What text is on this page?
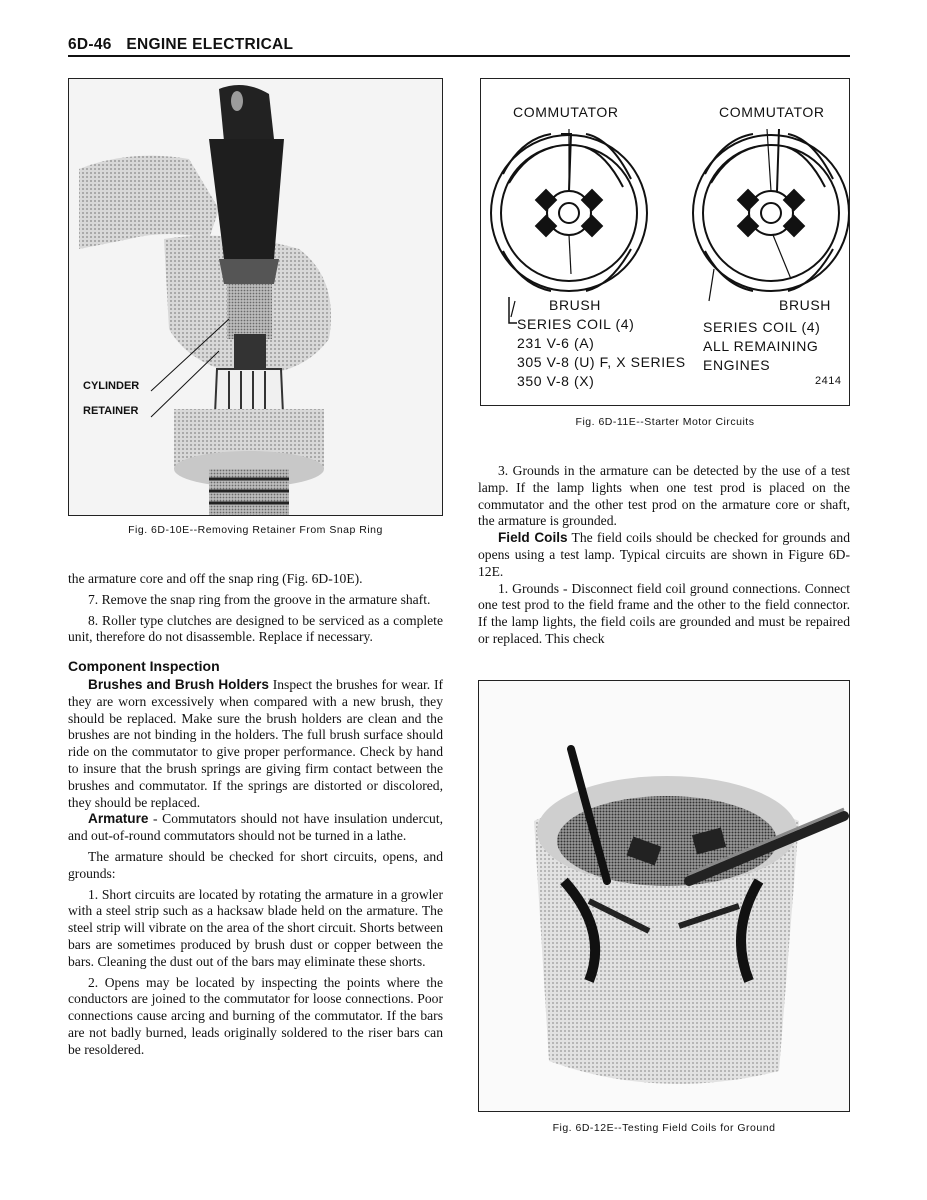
6D-46 ENGINE ELECTRICAL
CYLINDER
RETAINER
Fig. 6D-10E--Removing Retainer From Snap Ring
COMMUTATOR	COMMUTATOR
BRUSH	BRUSH
SERIES COIL (4)
231 V-6 (A)
305 V-8 (U) F, X SERIES
350 V-8 (X)
SERIES COIL (4)
ALL REMAINING
ENGINES
2414
Fig. 6D-11E--Starter Motor Circuits

the armature core and off the snap ring (Fig. 6D-10E).

7. Remove the snap ring from the groove in the armature shaft.

8. Roller type clutches are designed to be serviced as a complete unit, therefore do not disassemble. Replace if necessary.

Component Inspection

Brushes and Brush Holders Inspect the brushes for wear. If they are worn excessively when compared with a new brush, they should be replaced. Make sure the brush holders are clean and the brushes are not binding in the holders. The full brush surface should ride on the commutator to give proper performance. Check by hand to insure that the brush springs are giving firm contact between the brushes and commutator. If the springs are distorted or discolored, they should be replaced.

Armature - Commutators should not have insulation undercut, and out-of-round commutators should not be turned in a lathe.

The armature should be checked for short circuits, opens, and grounds:

1. Short circuits are located by rotating the armature in a growler with a steel strip such as a hacksaw blade held on the armature. The steel strip will vibrate on the area of the short circuit. Shorts between bars are sometimes produced by brush dust or copper between the bars. Cleaning the dust out of the bars may eliminate these shorts.

2. Opens may be located by inspecting the points where the conductors are joined to the commutator for loose connections. Poor connections cause arcing and burning of the commutator. If the bars are not badly burned, leads originally soldered to the riser bars can be resoldered.

3. Grounds in the armature can be detected by the use of a test lamp. If the lamp lights when one test prod is placed on the commutator and the other test prod on the armature core or shaft, the armature is grounded.

Field Coils The field coils should be checked for grounds and opens using a test lamp. Typical circuits are shown in Figure 6D-12E.

1. Grounds - Disconnect field coil ground connections. Connect one test prod to the field frame and the other to the field connector. If the lamp lights, the field coils are grounded and must be repaired or replaced. This check

Fig. 6D-12E--Testing Field Coils for Ground
